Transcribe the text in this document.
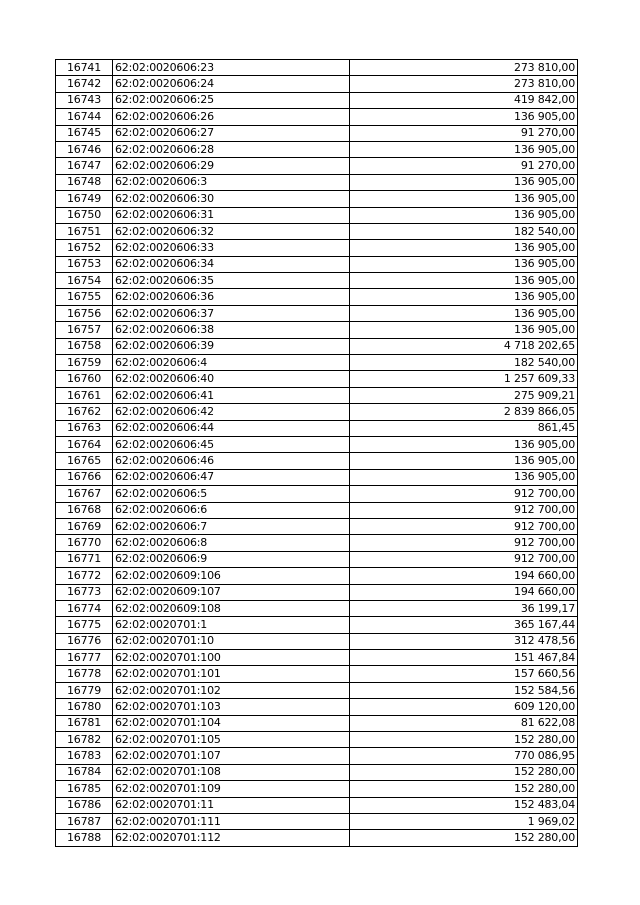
16741	62:02:0020606:23	273 810,00
16742	62:02:0020606:24	273 810,00
16743	62:02:0020606:25	419 842,00
16744	62:02:0020606:26	136 905,00
16745	62:02:0020606:27	91 270,00
16746	62:02:0020606:28	136 905,00
16747	62:02:0020606:29	91 270,00
16748	62:02:0020606:3	136 905,00
16749	62:02:0020606:30	136 905,00
16750	62:02:0020606:31	136 905,00
16751	62:02:0020606:32	182 540,00
16752	62:02:0020606:33	136 905,00
16753	62:02:0020606:34	136 905,00
16754	62:02:0020606:35	136 905,00
16755	62:02:0020606:36	136 905,00
16756	62:02:0020606:37	136 905,00
16757	62:02:0020606:38	136 905,00
16758	62:02:0020606:39	4 718 202,65
16759	62:02:0020606:4	182 540,00
16760	62:02:0020606:40	1 257 609,33
16761	62:02:0020606:41	275 909,21
16762	62:02:0020606:42	2 839 866,05
16763	62:02:0020606:44	861,45
16764	62:02:0020606:45	136 905,00
16765	62:02:0020606:46	136 905,00
16766	62:02:0020606:47	136 905,00
16767	62:02:0020606:5	912 700,00
16768	62:02:0020606:6	912 700,00
16769	62:02:0020606:7	912 700,00
16770	62:02:0020606:8	912 700,00
16771	62:02:0020606:9	912 700,00
16772	62:02:0020609:106	194 660,00
16773	62:02:0020609:107	194 660,00
16774	62:02:0020609:108	36 199,17
16775	62:02:0020701:1	365 167,44
16776	62:02:0020701:10	312 478,56
16777	62:02:0020701:100	151 467,84
16778	62:02:0020701:101	157 660,56
16779	62:02:0020701:102	152 584,56
16780	62:02:0020701:103	609 120,00
16781	62:02:0020701:104	81 622,08
16782	62:02:0020701:105	152 280,00
16783	62:02:0020701:107	770 086,95
16784	62:02:0020701:108	152 280,00
16785	62:02:0020701:109	152 280,00
16786	62:02:0020701:11	152 483,04
16787	62:02:0020701:111	1 969,02
16788	62:02:0020701:112	152 280,00
